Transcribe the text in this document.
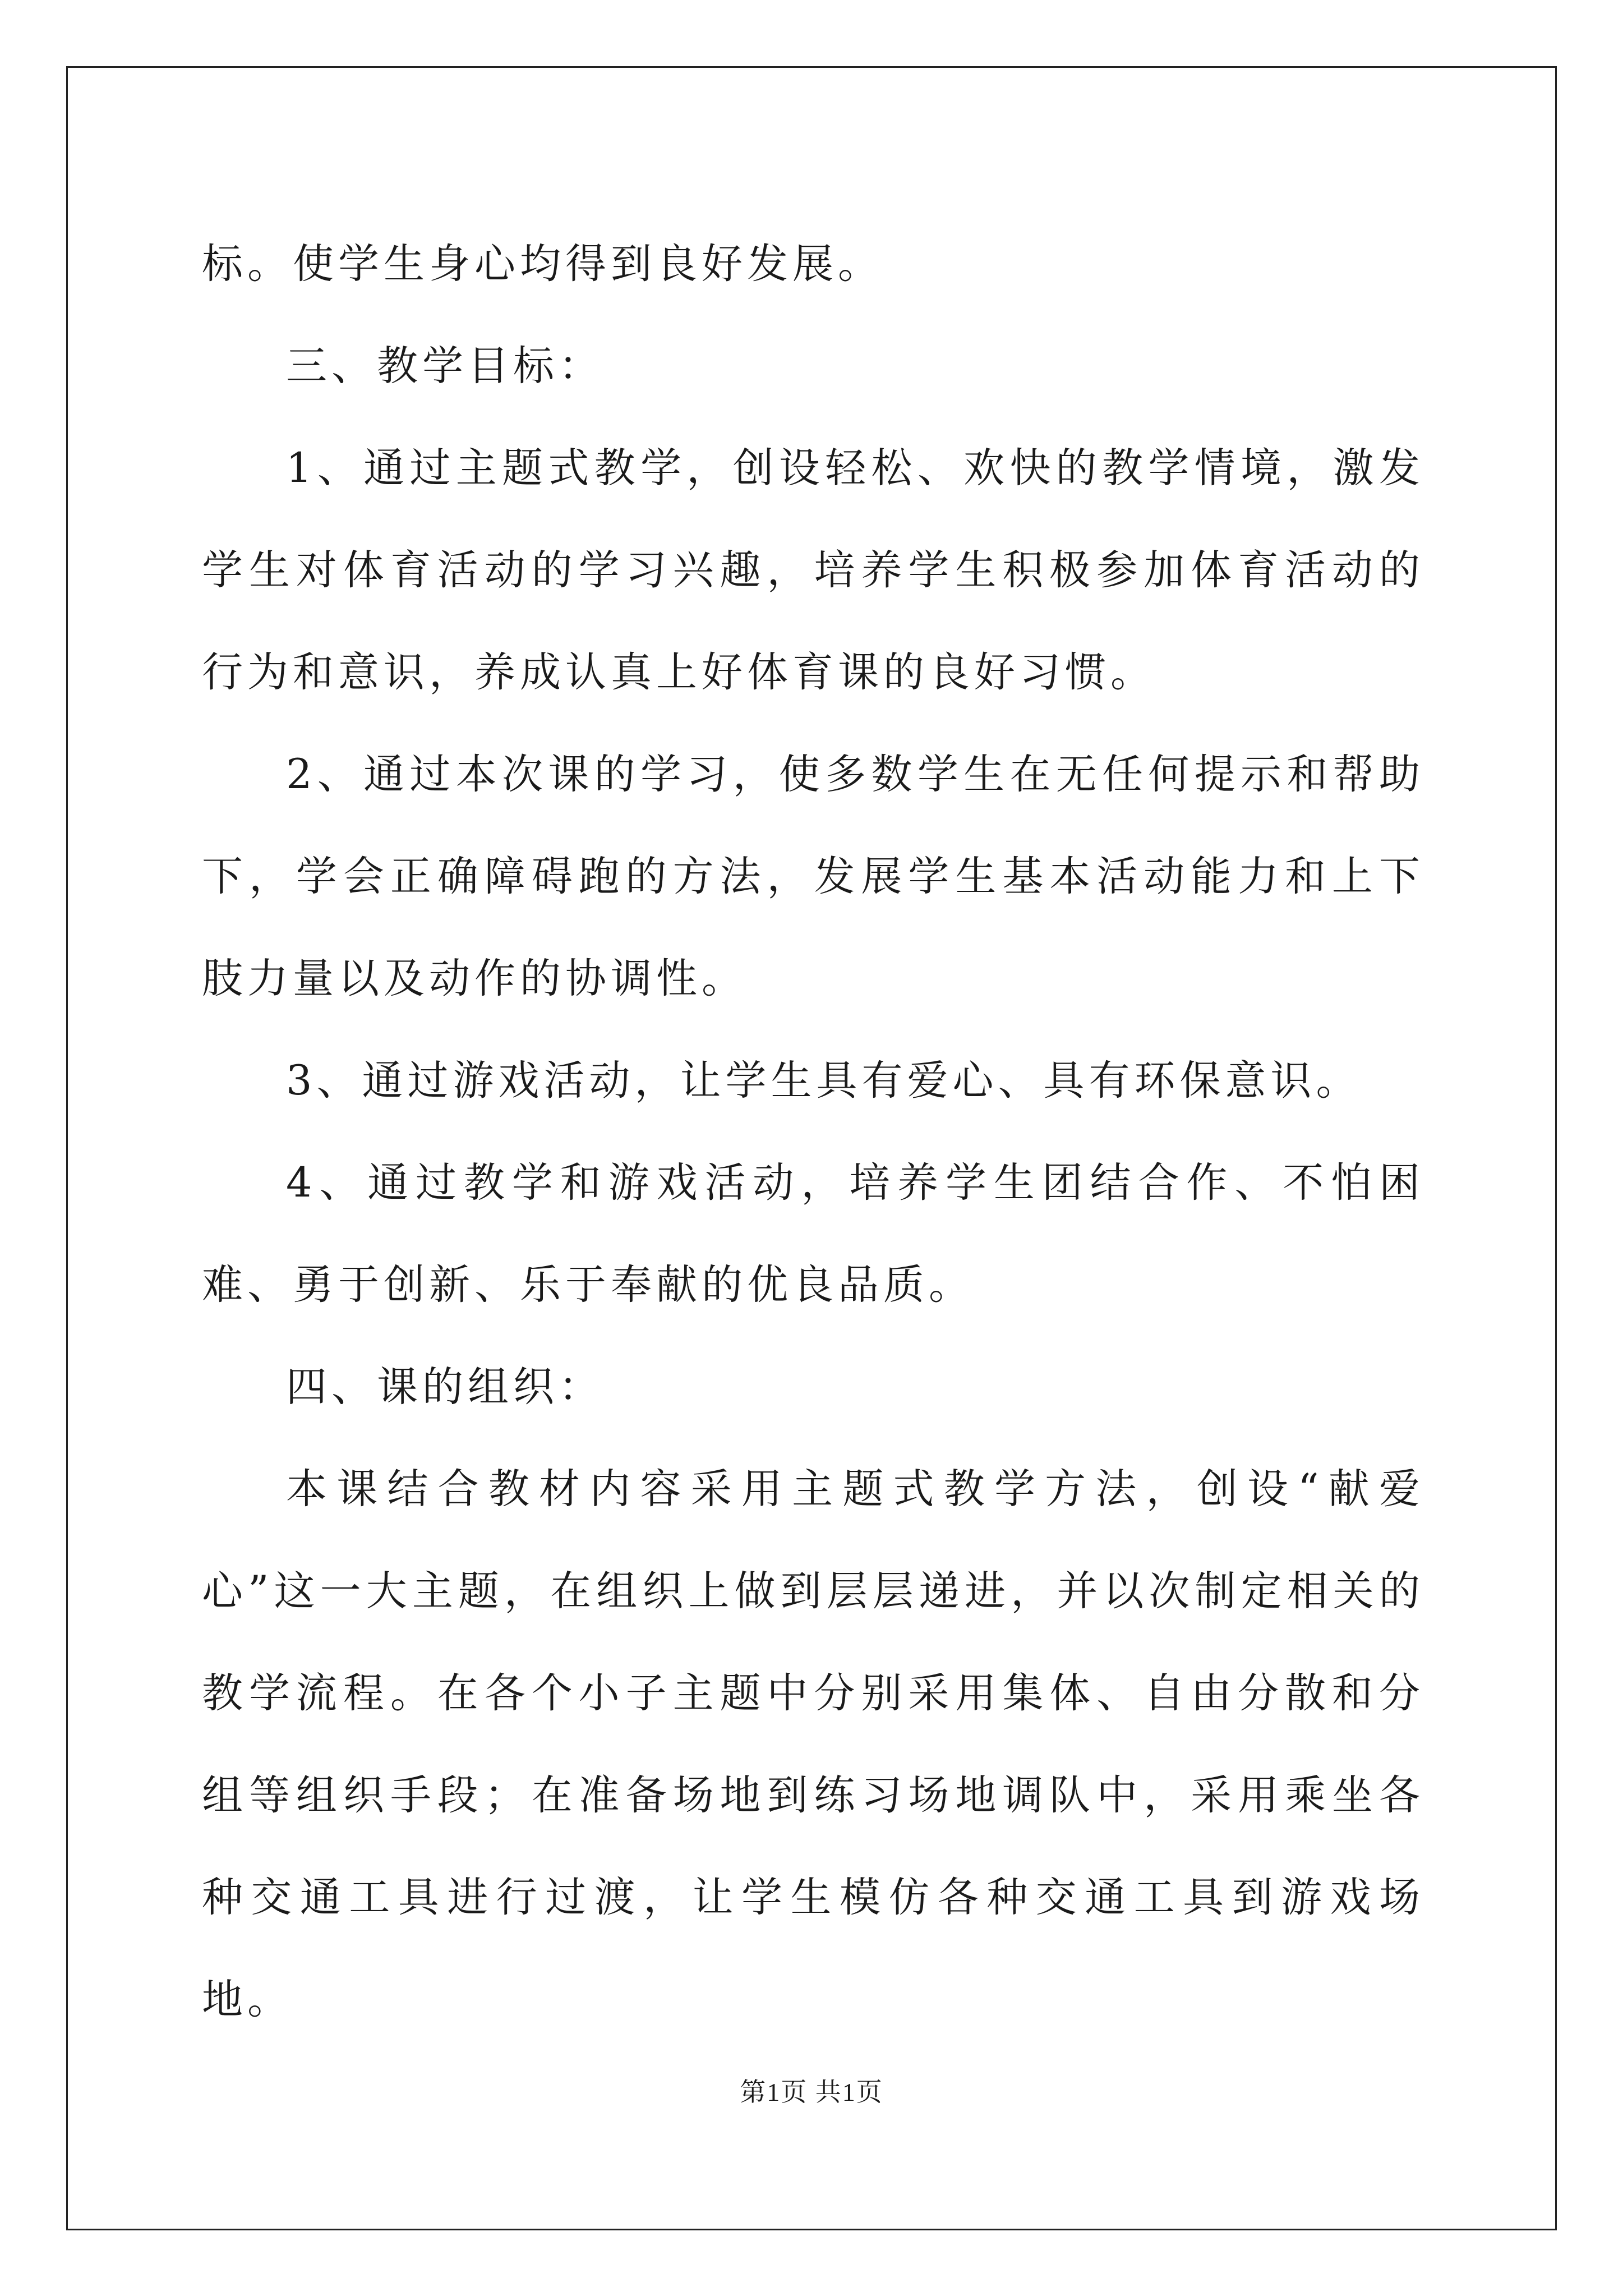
标。使学生身心均得到良好发展。

三、教学目标：

1、通过主题式教学，创设轻松、欢快的教学情境，激发学生对体育活动的学习兴趣，培养学生积极参加体育活动的行为和意识，养成认真上好体育课的良好习惯。

2、通过本次课的学习，使多数学生在无任何提示和帮助下，学会正确障碍跑的方法，发展学生基本活动能力和上下肢力量以及动作的协调性。

3、通过游戏活动，让学生具有爱心、具有环保意识。

4、通过教学和游戏活动，培养学生团结合作、不怕困难、勇于创新、乐于奉献的优良品质。

四、课的组织：

本课结合教材内容采用主题式教学方法，创设“献爱心”这一大主题，在组织上做到层层递进，并以次制定相关的教学流程。在各个小子主题中分别采用集体、自由分散和分组等组织手段；在准备场地到练习场地调队中，采用乘坐各种交通工具进行过渡，让学生模仿各种交通工具到游戏场地。

第1页 共1页
